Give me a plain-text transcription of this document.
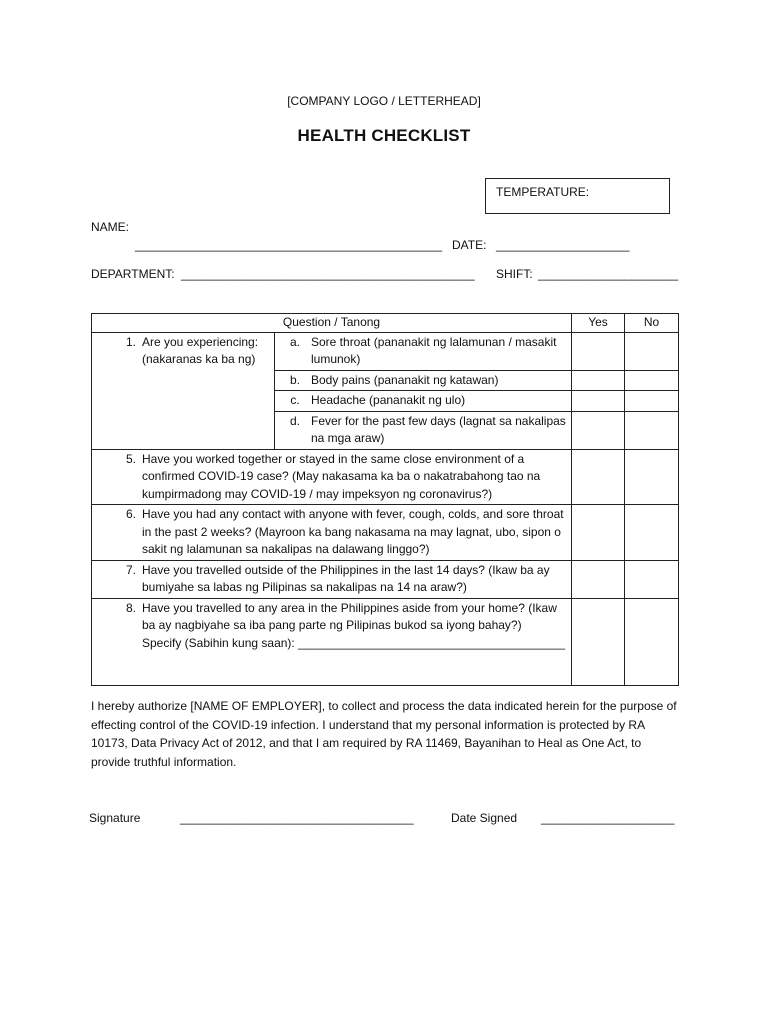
[COMPANY LOGO / LETTERHEAD]
HEALTH CHECKLIST
TEMPERATURE:
NAME:
______________________________________________ DATE: ____________________
DEPARTMENT: ____________________________________________ SHIFT: _____________________
Question / Tanong		Yes	No

1. Are you experiencing: (nakaranas ka ba ng)	a. Sore throat (pananakit ng lalamunan / masakit lumunok)		

	b. Body pains (pananakit ng katawan)		

	c. Headache (pananakit ng ulo)		

	d. Fever for the past few days (lagnat sa nakalipas na mga araw)		

5. Have you worked together or stayed in the same close environment of a confirmed COVID-19 case? (May nakasama ka ba o nakatrabahong tao na kumpirmadong may COVID-19 / may impeksyon ng coronavirus?)			

6. Have you had any contact with anyone with fever, cough, colds, and sore throat in the past 2 weeks? (Mayroon ka bang nakasama na may lagnat, ubo, sipon o sakit ng lalamunan sa nakalipas na dalawang linggo?)			

7. Have you travelled outside of the Philippines in the last 14 days? (Ikaw ba ay bumiyahe sa labas ng Pilipinas sa nakalipas na 14 na araw?)			

8. Have you travelled to any area in the Philippines aside from your home? (Ikaw ba ay nagbiyahe sa iba pang parte ng Pilipinas bukod sa iyong bahay?)
Specify (Sabihin kung saan): ________________________________________			

I hereby authorize [NAME OF EMPLOYER], to collect and process the data indicated herein for the purpose of effecting control of the COVID-19 infection. I understand that my personal information is protected by RA 10173, Data Privacy Act of 2012, and that I am required by RA 11469, Bayanihan to Heal as One Act, to provide truthful information.
Signature	___________________________________	Date Signed ____________________
